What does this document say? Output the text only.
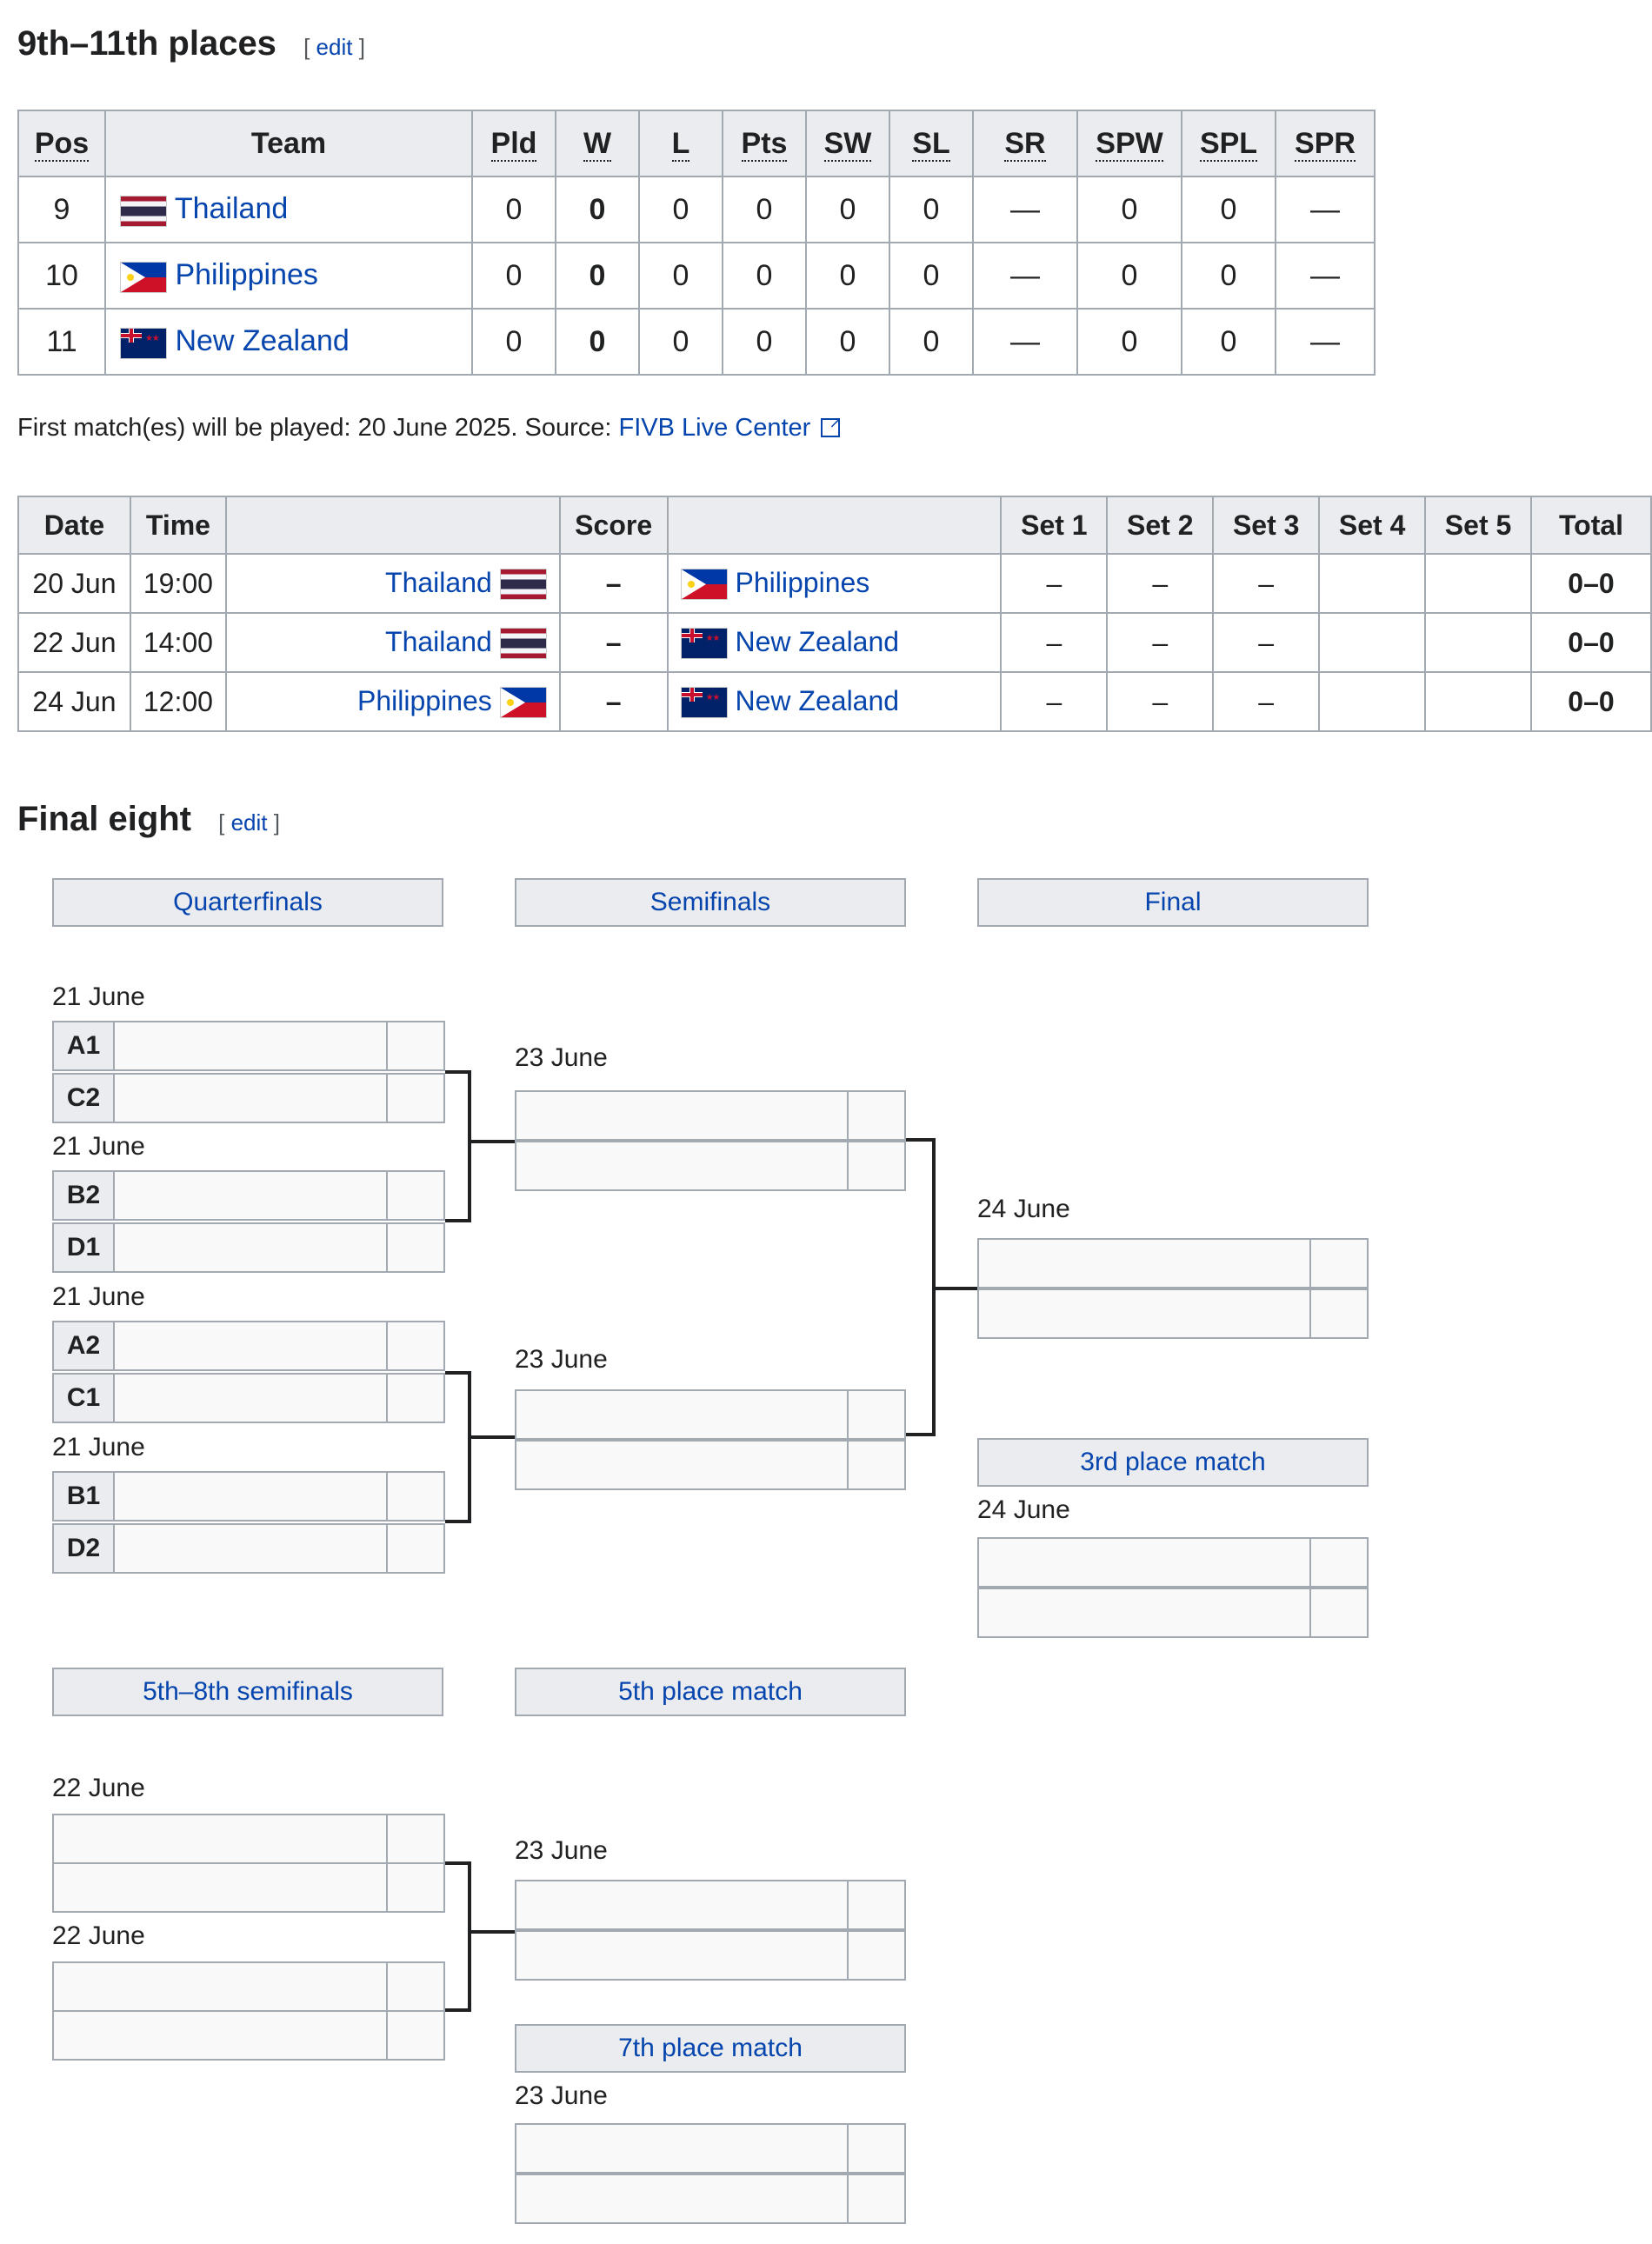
9th–11th places [ edit ]
Pos	Team	Pld	W	L	Pts	SW	SL	SR	SPW	SPL	SPR
9	Thailand	0	0	0	0	0	0	—	0	0	—
10	Philippines	0	0	0	0	0	0	—	0	0	—
11	★ ★New Zealand	0	0	0	0	0	0	—	0	0	—
First match(es) will be played: 20 June 2025. Source: FIVB Live Center ↗
Date	Time		Score		Set 1	Set 2	Set 3	Set 4	Set 5	Total
20 Jun	19:00	Thailand	–	Philippines	–	–	–			0–0
22 Jun	14:00	Thailand	–	★ ★New Zealand	–	–	–			0–0
24 Jun	12:00	Philippines	–	★ ★New Zealand	–	–	–			0–0
Final eight [ edit ]
Quarterfinals	Semifinals	Final
21 June
21 June
21 June
21 June
A1
C2
B2
D1
A2
C1
B1
D2
23 June
23 June
24 June
3rd place match
24 June
5th–8th semifinals	5th place match
22 June
22 June
23 June
7th place match
23 June
